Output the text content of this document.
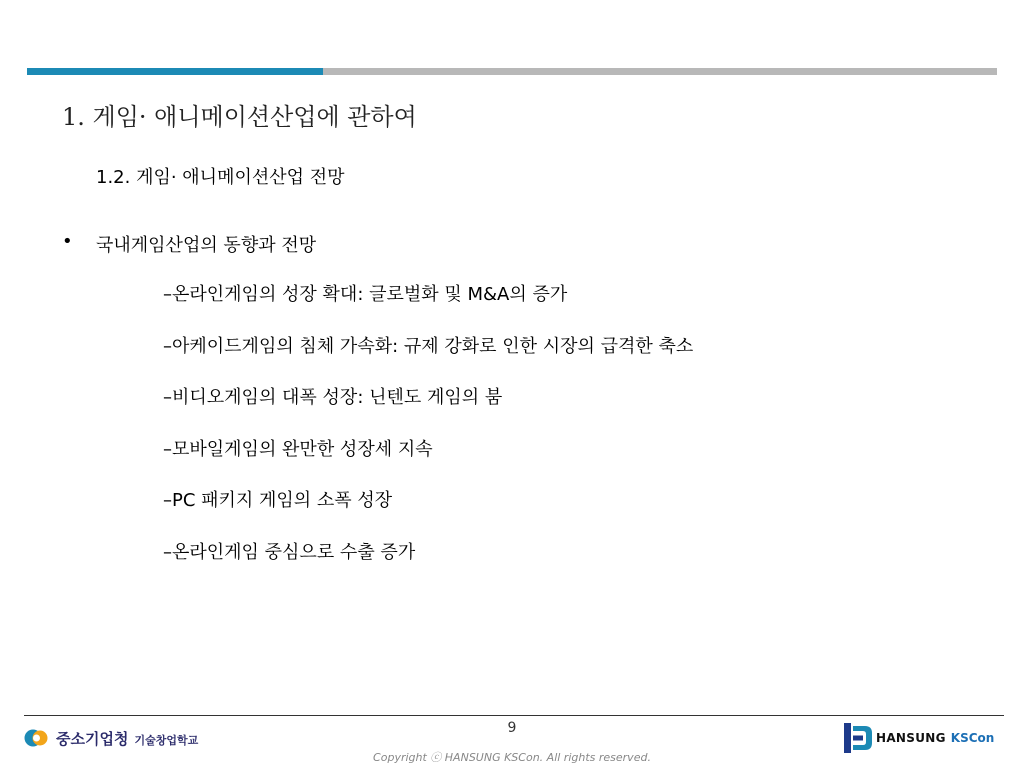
1. 게임· 애니메이션산업에 관하여
1.2. 게임· 애니메이션산업 전망
•	국내게임산업의 동향과 전망
–온라인게임의 성장 확대: 글로벌화 및 M&A의 증가
–아케이드게임의 침체 가속화: 규제 강화로 인한 시장의 급격한 축소
–비디오게임의 대폭 성장: 닌텐도 게임의 붐
–모바일게임의 완만한 성장세 지속
–PC 패키지 게임의 소폭 성장
–온라인게임 중심으로 수출 증가
9
Copyright ⓒ HANSUNG KSCon. All rights reserved.
중소기업청 기술창업학교	HANSUNG KSCon
